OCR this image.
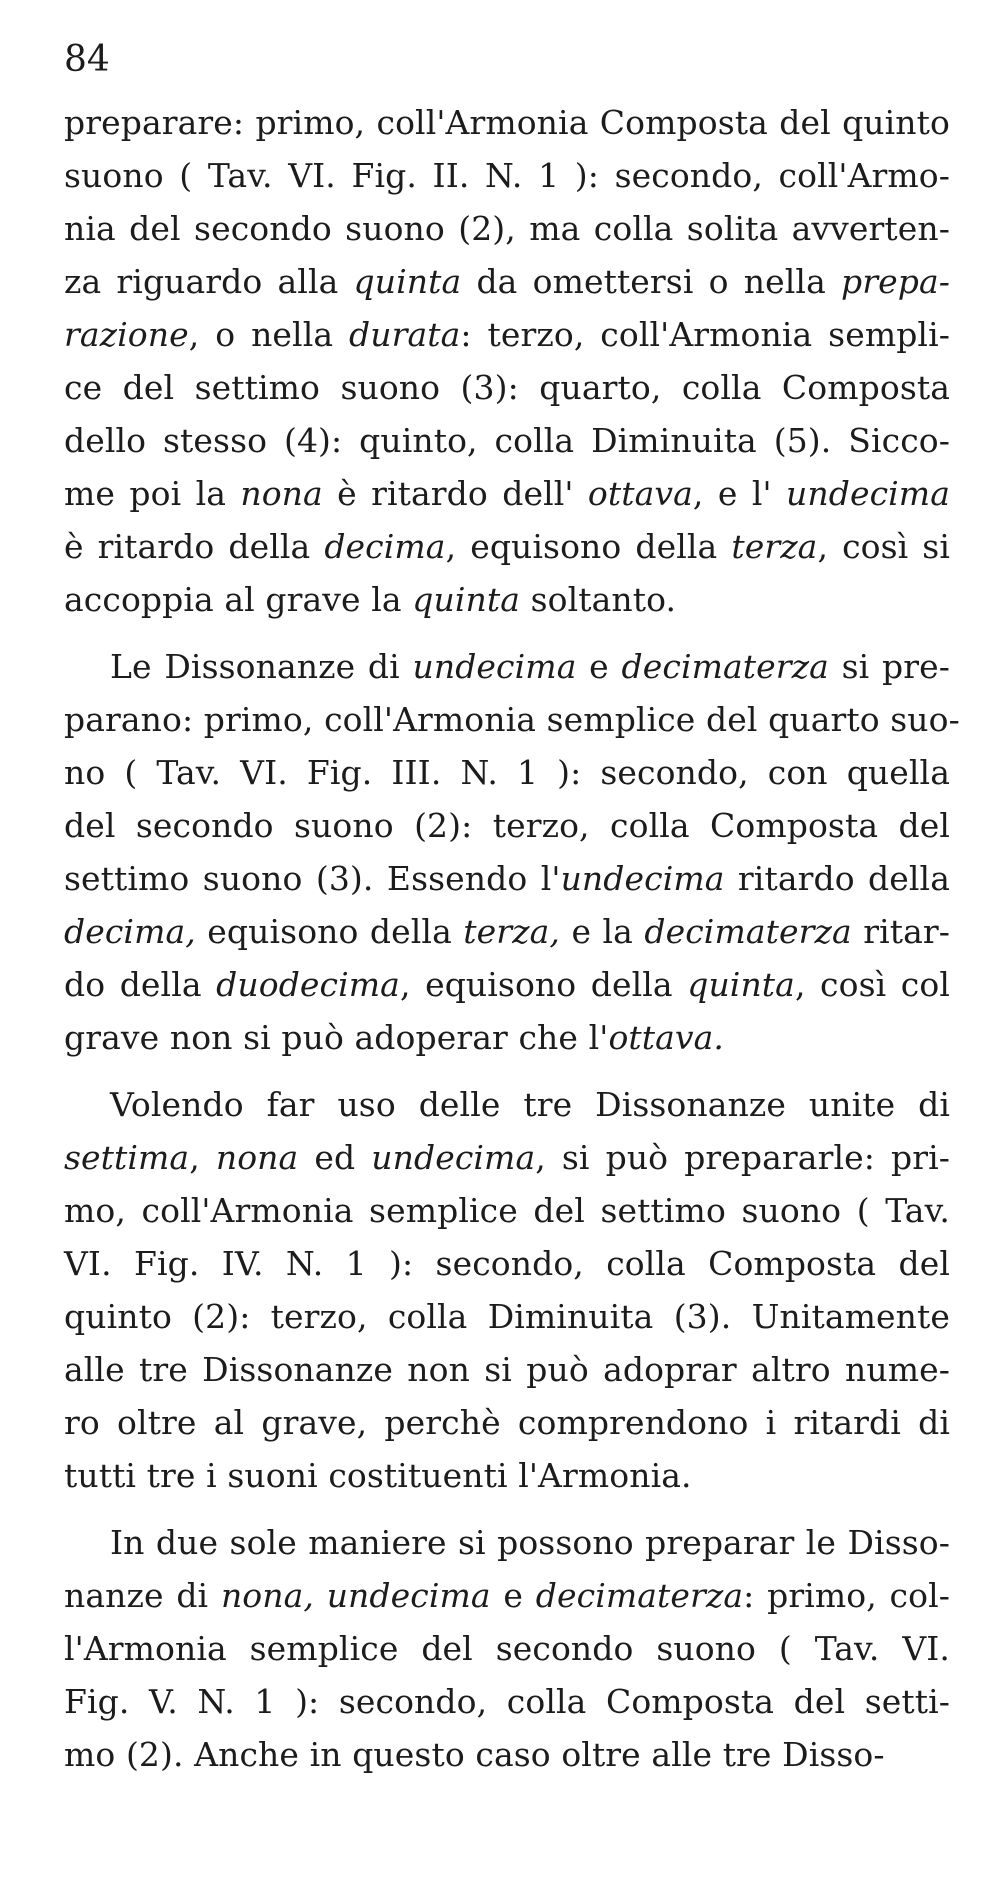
84
preparare: primo, coll'Armonia Composta del quinto
suono ( Tav. VI. Fig. II. N. 1 ): secondo, coll'Armo-
nia del secondo suono (2), ma colla solita avverten-
za riguardo alla quinta da omettersi o nella prepa-
razione, o nella durata: terzo, coll'Armonia sempli-
ce del settimo suono (3): quarto, colla Composta
dello stesso (4): quinto, colla Diminuita (5). Sicco-
me poi la nona è ritardo dell' ottava, e l' undecima
è ritardo della decima, equisono della terza, così si
accoppia al grave la quinta soltanto.
Le Dissonanze di undecima e decimaterza si pre-
parano: primo, coll'Armonia semplice del quarto suo-
no ( Tav. VI. Fig. III. N. 1 ): secondo, con quella
del secondo suono (2): terzo, colla Composta del
settimo suono (3). Essendo l'undecima ritardo della
decima, equisono della terza, e la decimaterza ritar-
do della duodecima, equisono della quinta, così col
grave non si può adoperar che l'ottava.
Volendo far uso delle tre Dissonanze unite di
settima, nona ed undecima, si può prepararle: pri-
mo, coll'Armonia semplice del settimo suono ( Tav.
VI. Fig. IV. N. 1 ): secondo, colla Composta del
quinto (2): terzo, colla Diminuita (3). Unitamente
alle tre Dissonanze non si può adoprar altro nume-
ro oltre al grave, perchè comprendono i ritardi di
tutti tre i suoni costituenti l'Armonia.
In due sole maniere si possono preparar le Disso-
nanze di nona, undecima e decimaterza: primo, col-
l'Armonia semplice del secondo suono ( Tav. VI.
Fig. V. N. 1 ): secondo, colla Composta del setti-
mo (2). Anche in questo caso oltre alle tre Disso-
